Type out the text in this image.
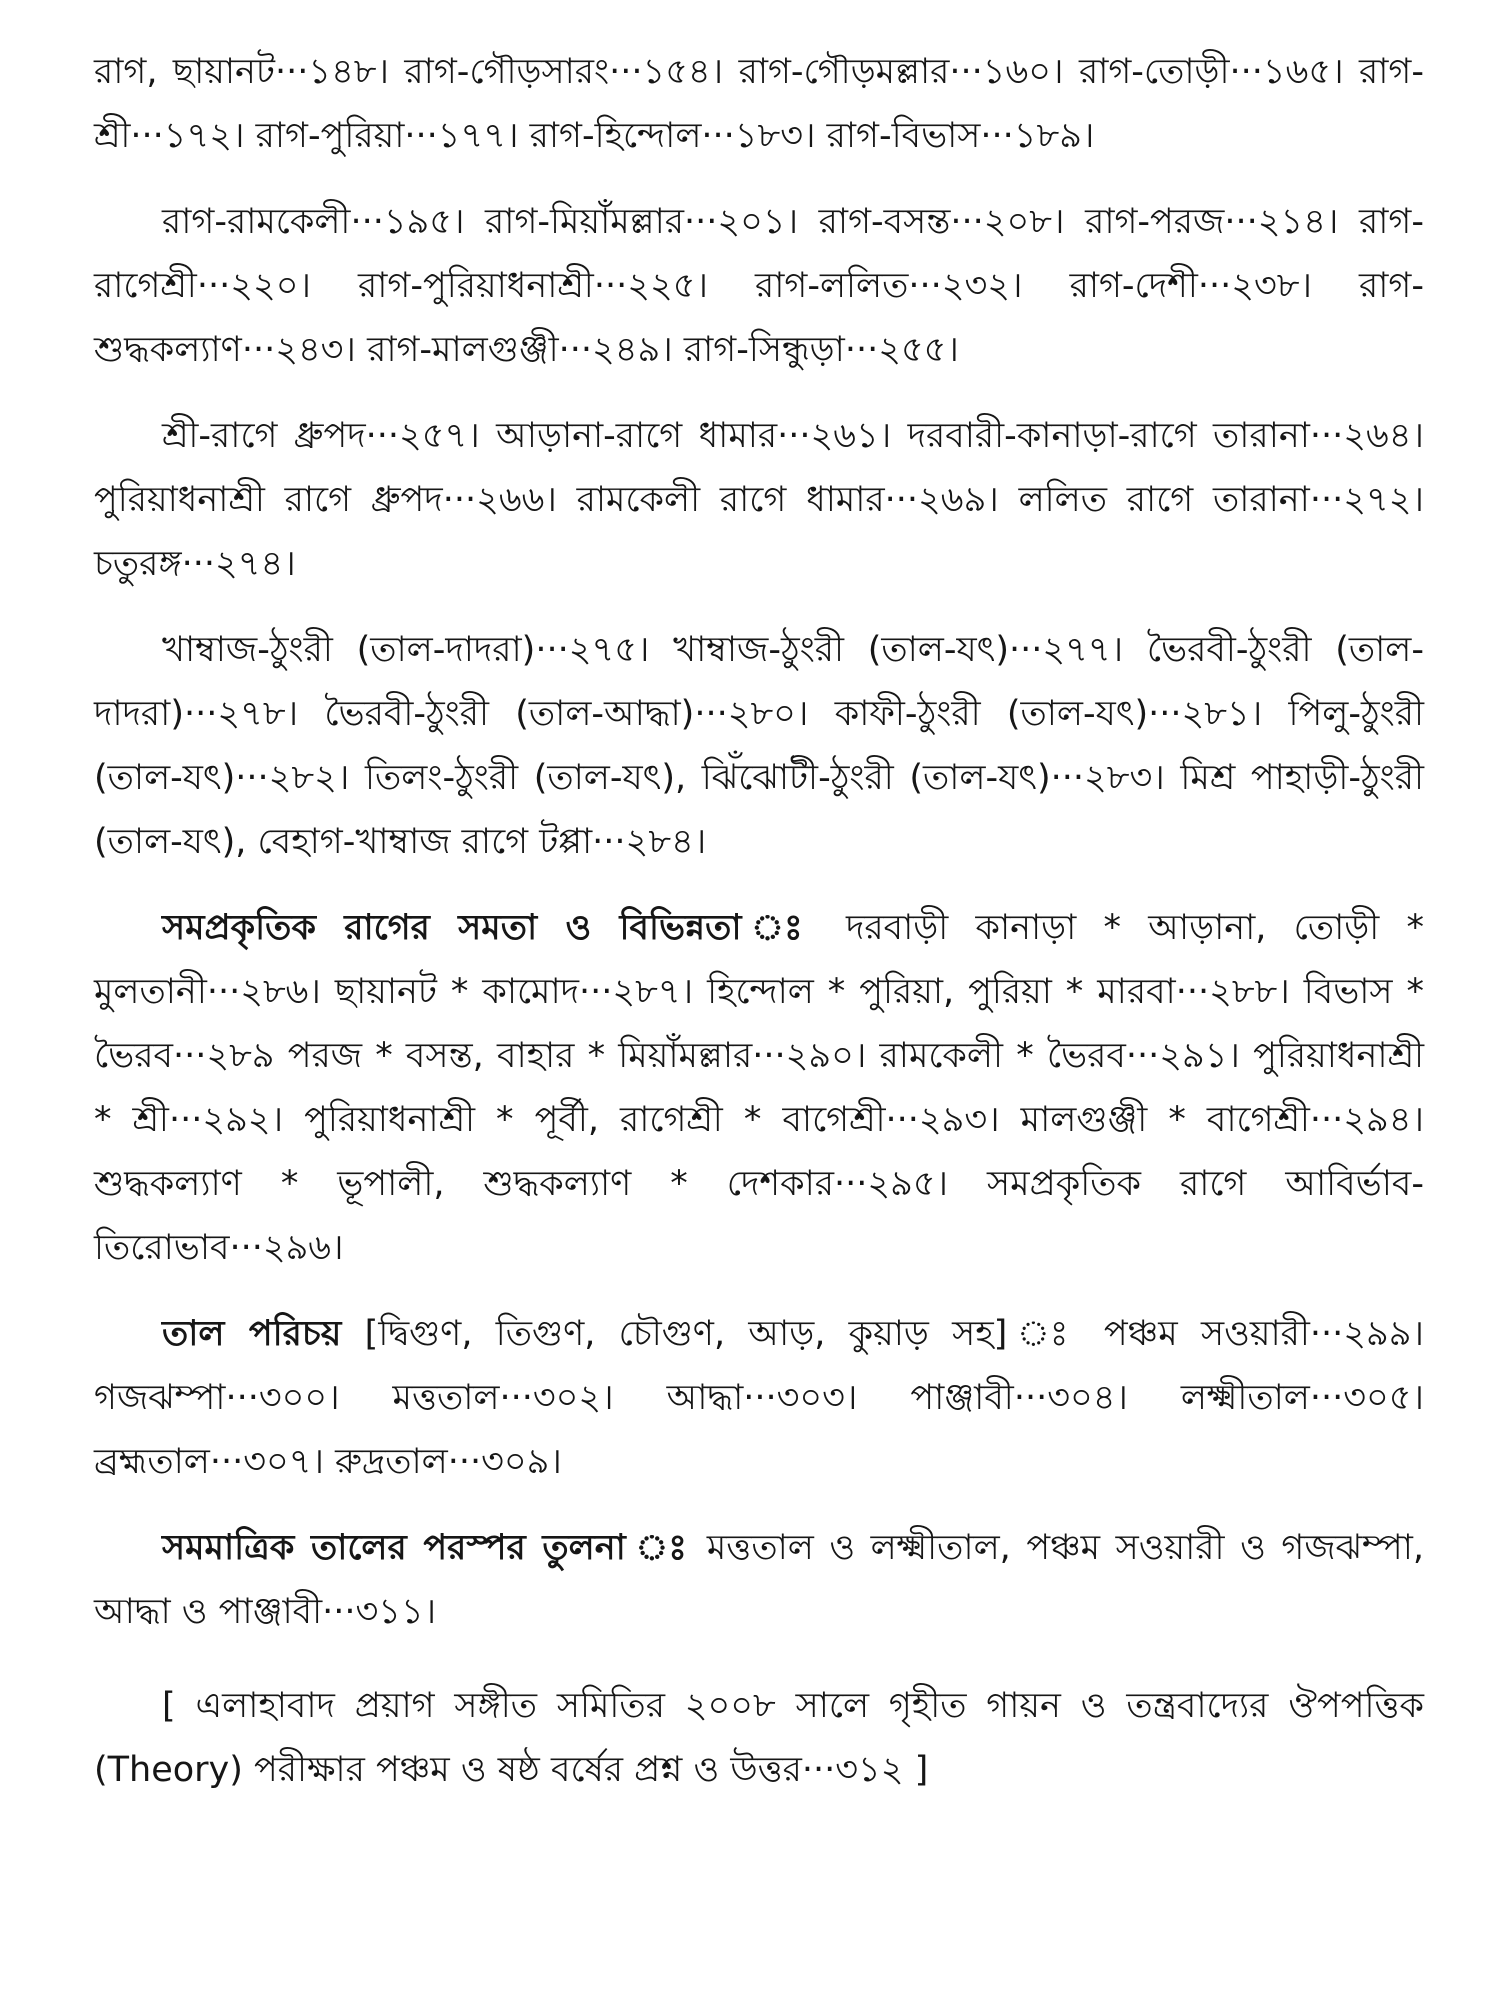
রাগ, ছায়ানট···১৪৮। রাগ-গৌড়সারং···১৫৪। রাগ-গৌড়মল্লার···১৬০। রাগ-তোড়ী···১৬৫। রাগ-শ্রী···১৭২। রাগ-পুরিয়া···১৭৭। রাগ-হিন্দোল···১৮৩। রাগ-বিভাস···১৮৯।

রাগ-রামকেলী···১৯৫। রাগ-মিয়াঁমল্লার···২০১। রাগ-বসন্ত···২০৮। রাগ-পরজ···২১৪। রাগ-রাগেশ্রী···২২০। রাগ-পুরিয়াধনাশ্রী···২২৫। রাগ-ললিত···২৩২। রাগ-দেশী···২৩৮। রাগ-শুদ্ধকল্যাণ···২৪৩। রাগ-মালগুঞ্জী···২৪৯। রাগ-সিন্ধুড়া···২৫৫।

শ্রী-রাগে ধ্রুপদ···২৫৭। আড়ানা-রাগে ধামার···২৬১। দরবারী-কানাড়া-রাগে তারানা···২৬৪। পুরিয়াধনাশ্রী রাগে ধ্রুপদ···২৬৬। রামকেলী রাগে ধামার···২৬৯। ললিত রাগে তারানা···২৭২। চতুরঙ্গ···২৭৪।

খাম্বাজ-ঠুংরী (তাল-দাদরা)···২৭৫। খাম্বাজ-ঠুংরী (তাল-যৎ)···২৭৭। ভৈরবী-ঠুংরী (তাল-দাদরা)···২৭৮। ভৈরবী-ঠুংরী (তাল-আদ্ধা)···২৮০। কাফী-ঠুংরী (তাল-যৎ)···২৮১। পিলু-ঠুংরী (তাল-যৎ)···২৮২। তিলং-ঠুংরী (তাল-যৎ), ঝিঁঝোটী-ঠুংরী (তাল-যৎ)···২৮৩। মিশ্র পাহাড়ী-ঠুংরী (তাল-যৎ), বেহাগ-খাম্বাজ রাগে টপ্পা···২৮৪।

সমপ্রকৃতিক রাগের সমতা ও বিভিন্নতা ঃ দরবাড়ী কানাড়া * আড়ানা, তোড়ী * মুলতানী···২৮৬। ছায়ানট * কামোদ···২৮৭। হিন্দোল * পুরিয়া, পুরিয়া * মারবা···২৮৮। বিভাস * ভৈরব···২৮৯ পরজ * বসন্ত, বাহার * মিয়াঁমল্লার···২৯০। রামকেলী * ভৈরব···২৯১। পুরিয়াধনাশ্রী * শ্রী···২৯২। পুরিয়াধনাশ্রী * পূর্বী, রাগেশ্রী * বাগেশ্রী···২৯৩। মালগুঞ্জী * বাগেশ্রী···২৯৪। শুদ্ধকল্যাণ * ভূপালী, শুদ্ধকল্যাণ * দেশকার···২৯৫। সমপ্রকৃতিক রাগে আবির্ভাব-তিরোভাব···২৯৬।

তাল পরিচয় [দ্বিগুণ, তিগুণ, চৌগুণ, আড়, কুয়াড় সহ] ঃ পঞ্চম সওয়ারী···২৯৯। গজঝম্পা···৩০০। মত্ততাল···৩০২। আদ্ধা···৩০৩। পাঞ্জাবী···৩০৪। লক্ষ্মীতাল···৩০৫। ব্রহ্মতাল···৩০৭। রুদ্রতাল···৩০৯।

সমমাত্রিক তালের পরস্পর তুলনা ঃ মত্ততাল ও লক্ষ্মীতাল, পঞ্চম সওয়ারী ও গজঝম্পা, আদ্ধা ও পাঞ্জাবী···৩১১।

[ এলাহাবাদ প্রয়াগ সঙ্গীত সমিতির ২০০৮ সালে গৃহীত গায়ন ও তন্ত্রবাদ্যের ঔপপত্তিক (Theory) পরীক্ষার পঞ্চম ও ষষ্ঠ বর্ষের প্রশ্ন ও উত্তর···৩১২ ]
